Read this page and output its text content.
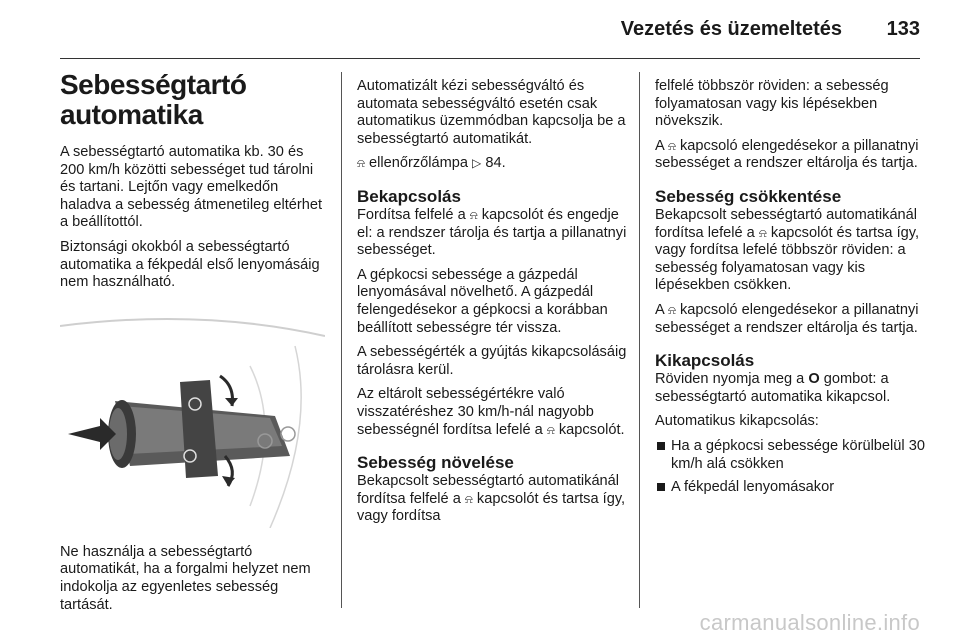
Vezetés és üzemeltetés 133
Sebességtartó
automatika

A sebességtartó automatika kb. 30 és 200 km/h közötti sebességet tud tárolni és tartani. Lejtőn vagy emelkedőn haladva a sebesség átmenetileg eltérhet a beállítottól.

Biztonsági okokból a sebességtartó automatika a fékpedál első lenyomásáig nem használható.

Ne használja a sebességtartó automatikát, ha a forgalmi helyzet nem indokolja az egyenletes sebesség tartását.

Automatizált kézi sebességváltó és automata sebességváltó esetén csak automatikus üzemmódban kapcsolja be a sebességtartó automatikát.

⍾ ellenőrzőlámpa ▷ 84.

Bekapcsolás

Fordítsa felfelé a ⍾ kapcsolót és engedje el: a rendszer tárolja és tartja a pillanatnyi sebességet.

A gépkocsi sebessége a gázpedál lenyomásával növelhető. A gázpedál felengedésekor a gépkocsi a korábban beállított sebességre tér vissza.

A sebességérték a gyújtás kikapcsolásáig tárolásra kerül.

Az eltárolt sebességértékre való visszatéréshez 30 km/h-nál nagyobb sebességnél fordítsa lefelé a ⍾ kapcsolót.

Sebesség növelése

Bekapcsolt sebességtartó automatikánál fordítsa felfelé a ⍾ kapcsolót és tartsa így, vagy fordítsa

felfelé többször röviden: a sebesség folyamatosan vagy kis lépésekben növekszik.

A ⍾ kapcsoló elengedésekor a pillanatnyi sebességet a rendszer eltárolja és tartja.

Sebesség csökkentése

Bekapcsolt sebességtartó automatikánál fordítsa lefelé a ⍾ kapcsolót és tartsa így, vagy fordítsa lefelé többször röviden: a sebesség folyamatosan vagy kis lépésekben csökken.

A ⍾ kapcsoló elengedésekor a pillanatnyi sebességet a rendszer eltárolja és tartja.

Kikapcsolás

Röviden nyomja meg a O gombot: a sebességtartó automatika kikapcsol.

Automatikus kikapcsolás:

Ha a gépkocsi sebessége körülbelül 30 km/h alá csökken
A fékpedál lenyomásakor
carmanualsonline.info
